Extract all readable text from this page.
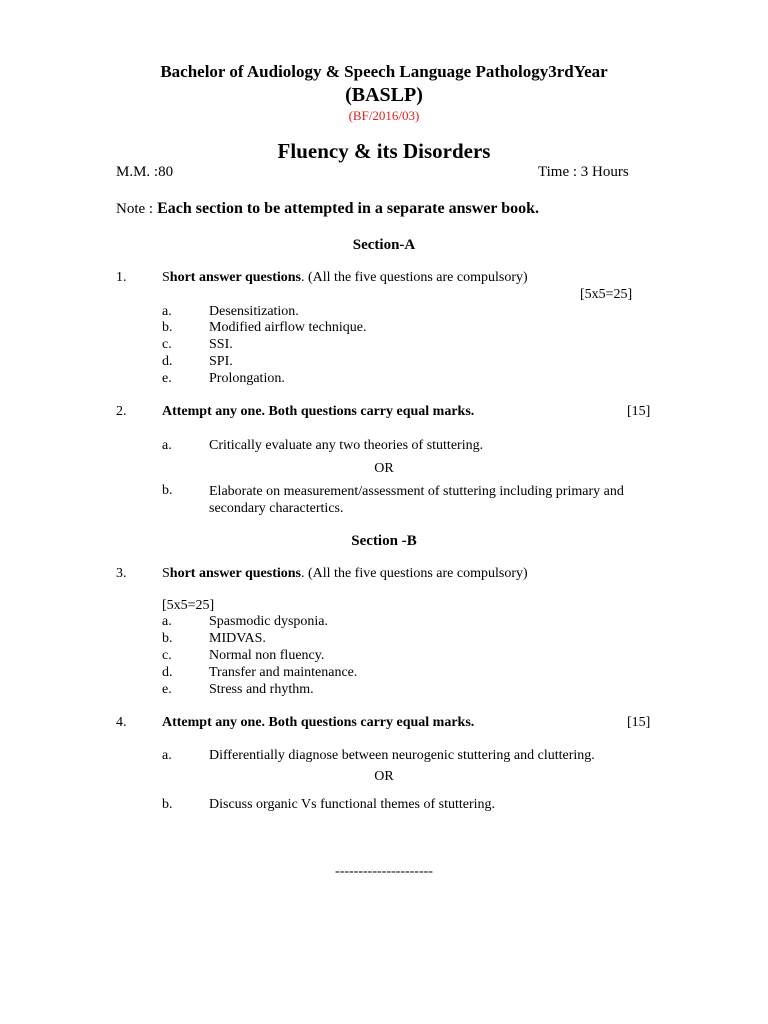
Bachelor of Audiology & Speech Language Pathology3rdYear
(BASLP)
(BF/2016/03)
Fluency & its Disorders
M.M. :80	Time : 3 Hours
Note : Each section to be attempted in a separate answer book.
Section-A
1.	Short answer questions. (All the five questions are compulsory)
[5x5=25]
a.	Desensitization.
b.	Modified airflow technique.
c.	SSI.
d.	SPI.
e.	Prolongation.
2.	Attempt any one. Both questions carry equal marks.	[15]
a.	Critically evaluate any two theories of stuttering.
OR
b.	Elaborate on measurement/assessment of stuttering including primary and secondary charactertics.
Section -B
3.	Short answer questions. (All the five questions are compulsory)
[5x5=25]
a.	Spasmodic dysponia.
b.	MIDVAS.
c.	Normal non fluency.
d.	Transfer and maintenance.
e.	Stress and rhythm.
4.	Attempt any one. Both questions carry equal marks.	[15]
a.	Differentially diagnose between neurogenic stuttering and cluttering.
OR
b.	Discuss organic Vs functional themes of stuttering.
---------------------
